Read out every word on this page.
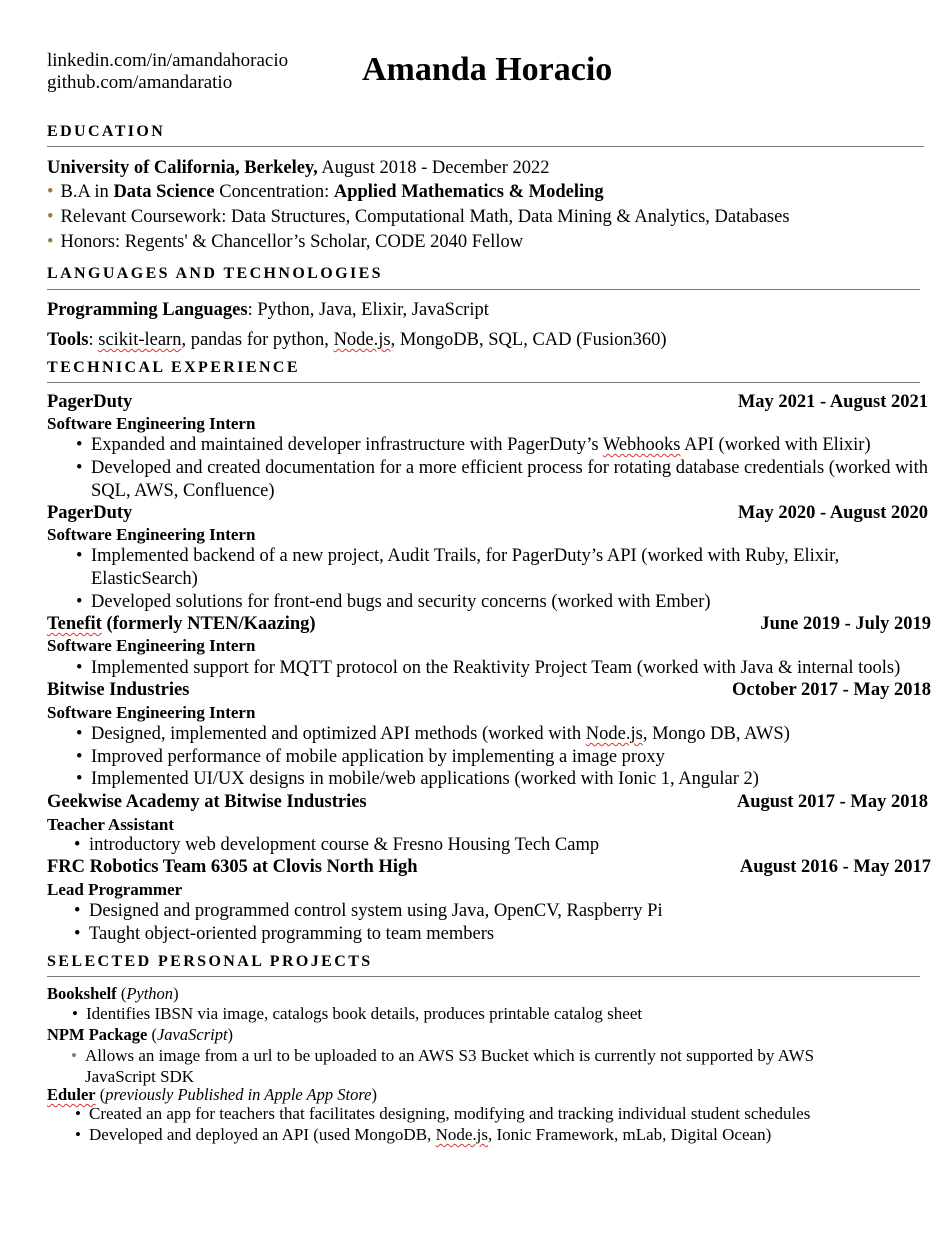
linkedin.com/in/amandahoracio
github.com/amandaratio	Amanda Horacio
EDUCATION
University of California, Berkeley, August 2018 - December 2022
• B.A in Data Science Concentration: Applied Mathematics & Modeling
• Relevant Coursework: Data Structures, Computational Math, Data Mining & Analytics, Databases
• Honors: Regents' & Chancellor’s Scholar, CODE 2040 Fellow
LANGUAGES AND TECHNOLOGIES
Programming Languages: Python, Java, Elixir, JavaScript
Tools: scikit-learn, pandas for python, Node.js, MongoDB, SQL, CAD (Fusion360)
TECHNICAL EXPERIENCE
PagerDuty	May 2021 - August 2021
Software Engineering Intern
• Expanded and maintained developer infrastructure with PagerDuty’s Webhooks API (worked with Elixir)
• Developed and created documentation for a more efficient process for rotating database credentials (worked with SQL, AWS, Confluence)
PagerDuty	May 2020 - August 2020
Software Engineering Intern
• Implemented backend of a new project, Audit Trails, for PagerDuty’s API (worked with Ruby, Elixir, ElasticSearch)
• Developed solutions for front-end bugs and security concerns (worked with Ember)
Tenefit (formerly NTEN/Kaazing)	June 2019 - July 2019
Software Engineering Intern
• Implemented support for MQTT protocol on the Reaktivity Project Team (worked with Java & internal tools)
Bitwise Industries	October 2017 - May 2018
Software Engineering Intern
• Designed, implemented and optimized API methods (worked with Node.js, Mongo DB, AWS)
• Improved performance of mobile application by implementing a image proxy
• Implemented UI/UX designs in mobile/web applications (worked with Ionic 1, Angular 2)
Geekwise Academy at Bitwise Industries	August 2017 - May 2018
Teacher Assistant
• introductory web development course & Fresno Housing Tech Camp
FRC Robotics Team 6305 at Clovis North High	August 2016 - May 2017
Lead Programmer
• Designed and programmed control system using Java, OpenCV, Raspberry Pi
• Taught object-oriented programming to team members
SELECTED PERSONAL PROJECTS
Bookshelf (Python)
• Identifies IBSN via image, catalogs book details, produces printable catalog sheet
NPM Package (JavaScript)
• Allows an image from a url to be uploaded to an AWS S3 Bucket which is currently not supported by AWS JavaScript SDK
Eduler (previously Published in Apple App Store)
• Created an app for teachers that facilitates designing, modifying and tracking individual student schedules
• Developed and deployed an API (used MongoDB, Node.js, Ionic Framework, mLab, Digital Ocean)
